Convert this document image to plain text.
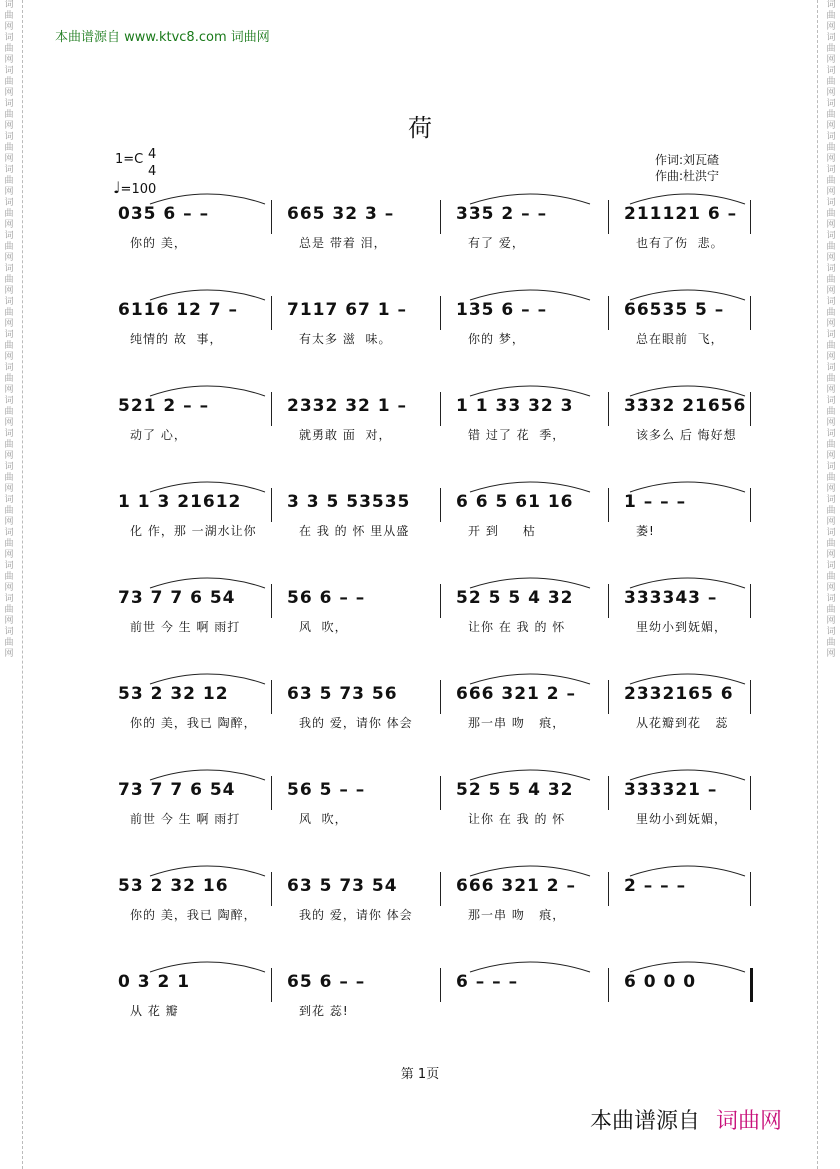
词曲网 词曲网 词曲网 词曲网 词曲网 词曲网 词曲网 词曲网 词曲网 词曲网 词曲网 词曲网 词曲网 词曲网 词曲网 词曲网 词曲网 词曲网 词曲网 词曲网
词曲网 词曲网 词曲网 词曲网 词曲网 词曲网 词曲网 词曲网 词曲网 词曲网 词曲网 词曲网 词曲网 词曲网 词曲网 词曲网 词曲网 词曲网 词曲网 词曲网
本曲谱源自 www.ktvc8.com 词曲网
荷
1=C 4
4
♩=100
作词:刘瓦碴
作曲:杜洪宁
035 6 – –
你的 美，
665 32 3 –
总是 带着 泪，
335 2 – –
有了 爱，
211121 6 –
也有了伤  悲。
6116 12 7 –
纯情的 故  事，
7117 67 1 –
有太多 滋  味。
135 6 – –
你的 梦，
66535 5 –
总在眼前  飞，
521 2 – –
动了 心，
2332 32 1 –
就勇敢 面  对，
1 1 33 32 3
错 过了 花  季，
3332 21656
该多么 后 悔好想
1 1 3 21612
化 作，那 一湖水让你
3 3 5 53535
在 我 的 怀 里从盛
6 6 5 61 16
开 到     枯
1 – – –
萎!
73 7 7 6 54
前世 今 生 啊 雨打
56 6 – –
风  吹，
52 5 5 4 32
让你 在 我 的 怀
333343 –
里幼小到妩媚，
53 2 32 12
你的 美，我已 陶醉，
63 5 73 56
我的 爱，请你 体会
666 321 2 –
那一串 吻   痕，
2332165 6
从花瓣到花   蕊
73 7 7 6 54
前世 今 生 啊 雨打
56 5 – –
风  吹，
52 5 5 4 32
让你 在 我 的 怀
333321 –
里幼小到妩媚，
53 2 32 16
你的 美，我已 陶醉，
63 5 73 54
我的 爱，请你 体会
666 321 2 –
那一串 吻   痕，
2 – – –
0 3 2 1
从 花 瓣
65 6 – –
到花 蕊!
6 – – –	6 0 0 0
第 1页
本曲谱源自 词曲网
